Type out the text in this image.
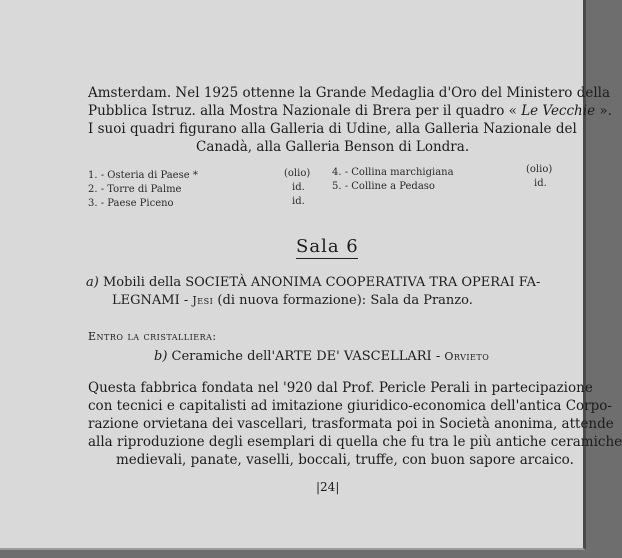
Amsterdam. Nel 1925 ottenne la Grande Medaglia d'Oro del Ministero della
Pubblica Istruz. alla Mostra Nazionale di Brera per il quadro « Le Vecchie ».
I suoi quadri figurano alla Galleria di Udine, alla Galleria Nazionale del
Canadà, alla Galleria Benson di Londra.
1. - Osteria di Paese *	(olio)
2. - Torre di Palme	id.
3. - Paese Piceno	id.
4. - Collina marchigiana	(olio)
5. - Colline a Pedaso	id.
Sala 6
a) Mobili della SOCIETÀ ANONIMA COOPERATIVA TRA OPERAI FA-
LEGNAMI - Jesi (di nuova formazione): Sala da Pranzo.
Entro la cristalliera:
b) Ceramiche dell'ARTE DE' VASCELLARI - Orvieto
Questa fabbrica fondata nel '920 dal Prof. Pericle Perali in partecipazione
con tecnici e capitalisti ad imitazione giuridico-economica dell'antica Corpo-
razione orvietana dei vascellari, trasformata poi in Società anonima, attende
alla riproduzione degli esemplari di quella che fu tra le più antiche ceramiche
medievali, panate, vaselli, boccali, truffe, con buon sapore arcaico.
|24|
